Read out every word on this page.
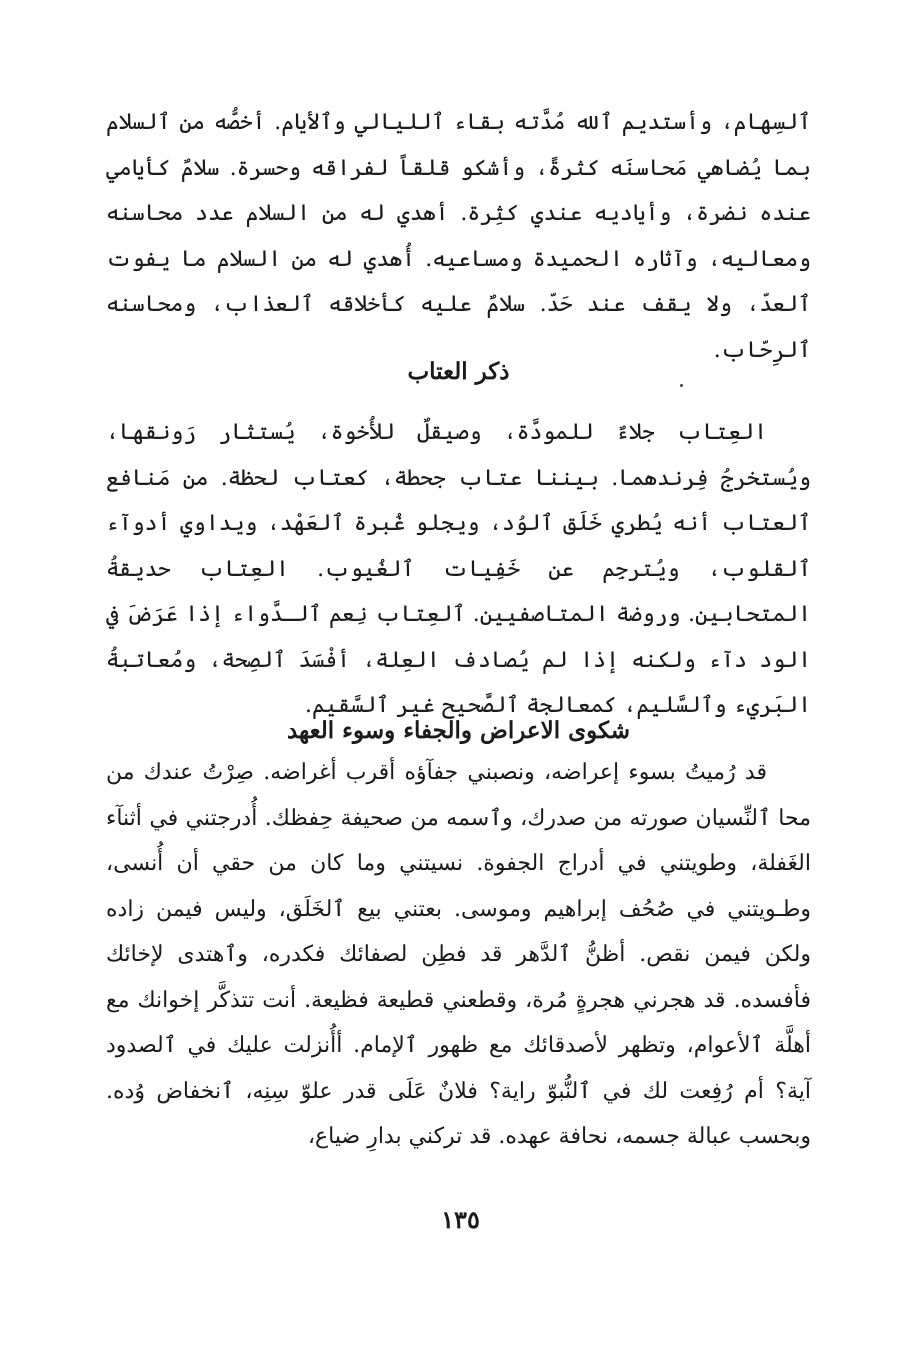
ٱلسِهام، وأستديم ٱلله مُدَّته بقاء ٱلليالي وٱلأيام. أخصُّه من ٱلسلام بما يُضاهي مَحاسنَه كثرةً، وأشكو قلقاً لفراقه وحسرة. سلامٌ كأيامي عنده نضرة، وأياديه عندي كثِرة. أهدي له من السلام عدد محاسنه ومعاليه، وآثاره الحميدة ومساعيه. أُهدي له من السلام ما يفوت ٱلعدّ، ولا يقف عند حَدّ. سلامٌ عليه كأخلاقه ٱلعذاب، ومحاسنه ٱلرِحّاب.

ذكر العتاب

العِتاب جلاءٌ للمودَّة، وصيقلٌ للأُخوة، يُستثار رَونقها، ويُستخرجُ فِرندهما. بيننا عتاب جحطة، كعتاب لحظة. من مَنافع ٱلعتاب أنه يُطري خَلَق ٱلوُد، ويجلو غُبرة ٱلعَهْد، ويداوي أدوآء ٱلقلوب، ويُترجِم عن خَفِيات ٱلغُيوب. العِتاب حديقةُ المتحابين. وروضة المتاصفيين. ٱلعِتاب نِعم ٱلـدَّواء إذا عَرَضَ في الود دآء ولكنه إذا لم يُصادف العِلة، أفْسَدَ ٱلصِحة، ومُعاتبةُ البَريء وٱلسَّليم، كمعالجة ٱلصَّحيح غير ٱلسَّقيم.

شكوى الاعراض والجفاء وسوء العهد

قد رُميتُ بسوء إعراضه، ونصبني جفآؤه أقرب أغراضه. صِرْتُ عندك من محا ٱلنِّسيان صورته من صدرك، وٱسمه من صحيفة حِفظك. أُدرجتني في أثنآء الغَفلة، وطويتني في أدراج الجفوة. نسيتني وما كان من حقي أن أُنسى، وطـويتني في صُحُف إبراهيم وموسى. بعتني بيع ٱلخَلَق، وليس فيمن زاده ولكن فيمن نقص. أظنُّ ٱلدَّهر قد فطِن لصفائك فكدره، وٱهتدى لإخائك فأفسده. قد هجرني هجرةٍ مُرة، وقطعني قطيعة فظيعة. أنت تتذكَّر إخوانك مع أهلَّة ٱلأعوام، وتظهر لأصدقائك مع ظهور ٱلإمام. أأُنزلت عليك في ٱلصدود آية؟ أم رُفِعت لك في ٱلنُّبوّ راية؟ فلانٌ عَلَى قدر علوّ سِنِه، ٱنخفاض وُده. وبحسب عبالة جسمه، نحافة عهده. قد تركني بدارِ ضياع،

١٣٥
